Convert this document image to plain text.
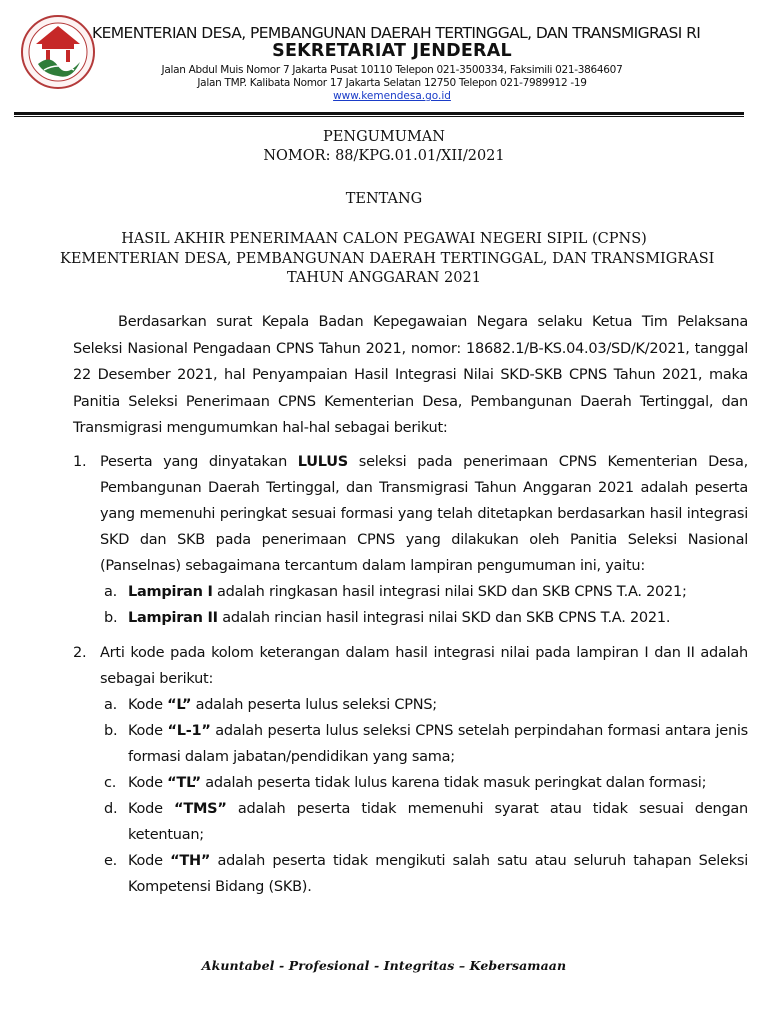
KEMENTERIAN DESA, PEMBANGUNAN DAERAH TERTINGGAL, DAN TRANSMIGRASI RI
SEKRETARIAT JENDERAL
Jalan Abdul Muis Nomor 7 Jakarta Pusat 10110 Telepon 021-3500334, Faksimili 021-3864607
Jalan TMP. Kalibata Nomor 17 Jakarta Selatan 12750 Telepon 021-7989912 -19
www.kemendesa.go.id
PENGUMUMAN
NOMOR: 88/KPG.01.01/XII/2021
TENTANG
HASIL AKHIR PENERIMAAN CALON PEGAWAI NEGERI SIPIL (CPNS)
KEMENTERIAN DESA, PEMBANGUNAN DAERAH TERTINGGAL, DAN TRANSMIGRASI
TAHUN ANGGARAN 2021
Berdasarkan surat Kepala Badan Kepegawaian Negara selaku Ketua Tim Pelaksana Seleksi Nasional Pengadaan CPNS Tahun 2021, nomor: 18682.1/B-KS.04.03/SD/K/2021, tanggal 22 Desember 2021, hal Penyampaian Hasil Integrasi Nilai SKD-SKB CPNS Tahun 2021, maka Panitia Seleksi Penerimaan CPNS Kementerian Desa, Pembangunan Daerah Tertinggal, dan Transmigrasi mengumumkan hal-hal sebagai berikut:
1. Peserta yang dinyatakan LULUS seleksi pada penerimaan CPNS Kementerian Desa, Pembangunan Daerah Tertinggal, dan Transmigrasi Tahun Anggaran 2021 adalah peserta yang memenuhi peringkat sesuai formasi yang telah ditetapkan berdasarkan hasil integrasi SKD dan SKB pada penerimaan CPNS yang dilakukan oleh Panitia Seleksi Nasional (Panselnas) sebagaimana tercantum dalam lampiran pengumuman ini, yaitu:
a. Lampiran I adalah ringkasan hasil integrasi nilai SKD dan SKB CPNS T.A. 2021;
b. Lampiran II adalah rincian hasil integrasi nilai SKD dan SKB CPNS T.A. 2021.
2. Arti kode pada kolom keterangan dalam hasil integrasi nilai pada lampiran I dan II adalah sebagai berikut:
a. Kode “L” adalah peserta lulus seleksi CPNS;
b. Kode “L-1” adalah peserta lulus seleksi CPNS setelah perpindahan formasi antara jenis formasi dalam jabatan/pendidikan yang sama;
c. Kode “TL” adalah peserta tidak lulus karena tidak masuk peringkat dalan formasi;
d. Kode “TMS” adalah peserta tidak memenuhi syarat atau tidak sesuai dengan ketentuan;
e. Kode “TH” adalah peserta tidak mengikuti salah satu atau seluruh tahapan Seleksi Kompetensi Bidang (SKB).
Akuntabel - Profesional - Integritas – Kebersamaan
